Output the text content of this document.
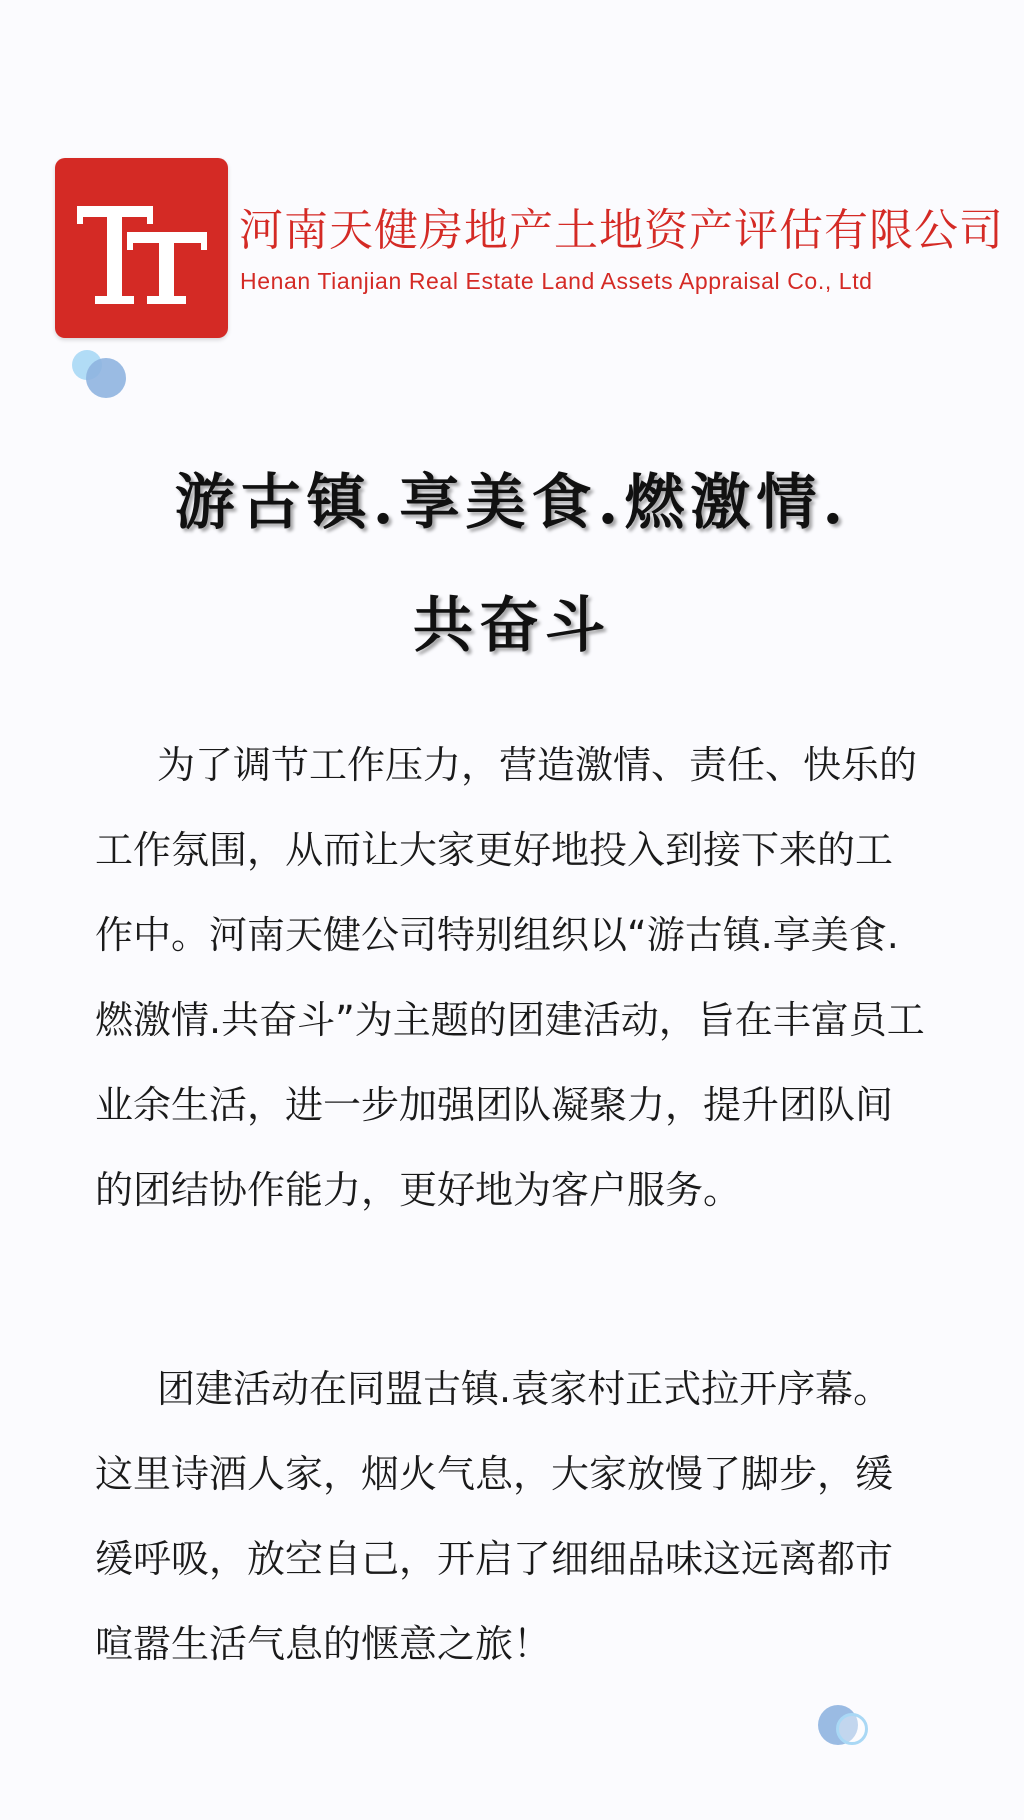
河南天健房地产土地资产评估有限公司
Henan Tianjian Real Estate Land Assets Appraisal Co., Ltd
游古镇.享美食.燃激情.
共奋斗

为了调节工作压力，营造激情、责任、快乐的工作氛围，从而让大家更好地投入到接下来的工作中。河南天健公司特别组织以“游古镇.享美食.燃激情.共奋斗”为主题的团建活动，旨在丰富员工业余生活，进一步加强团队凝聚力，提升团队间的团结协作能力，更好地为客户服务。

团建活动在同盟古镇.袁家村正式拉开序幕。这里诗酒人家，烟火气息，大家放慢了脚步，缓缓呼吸，放空自己，开启了细细品味这远离都市喧嚣生活气息的惬意之旅！
